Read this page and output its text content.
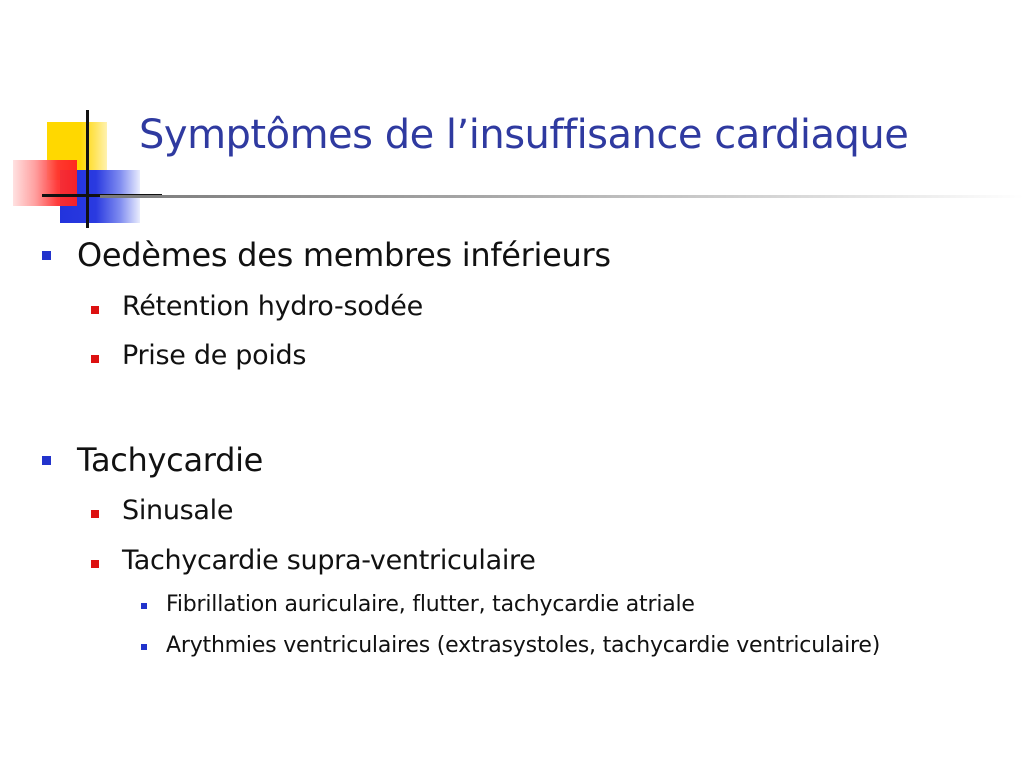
Symptômes de l’insuffisance cardiaque
Oedèmes des membres inférieurs
Rétention hydro-sodée
Prise de poids
Tachycardie
Sinusale
Tachycardie supra-ventriculaire
Fibrillation auriculaire, flutter, tachycardie atriale
Arythmies ventriculaires (extrasystoles, tachycardie ventriculaire)
